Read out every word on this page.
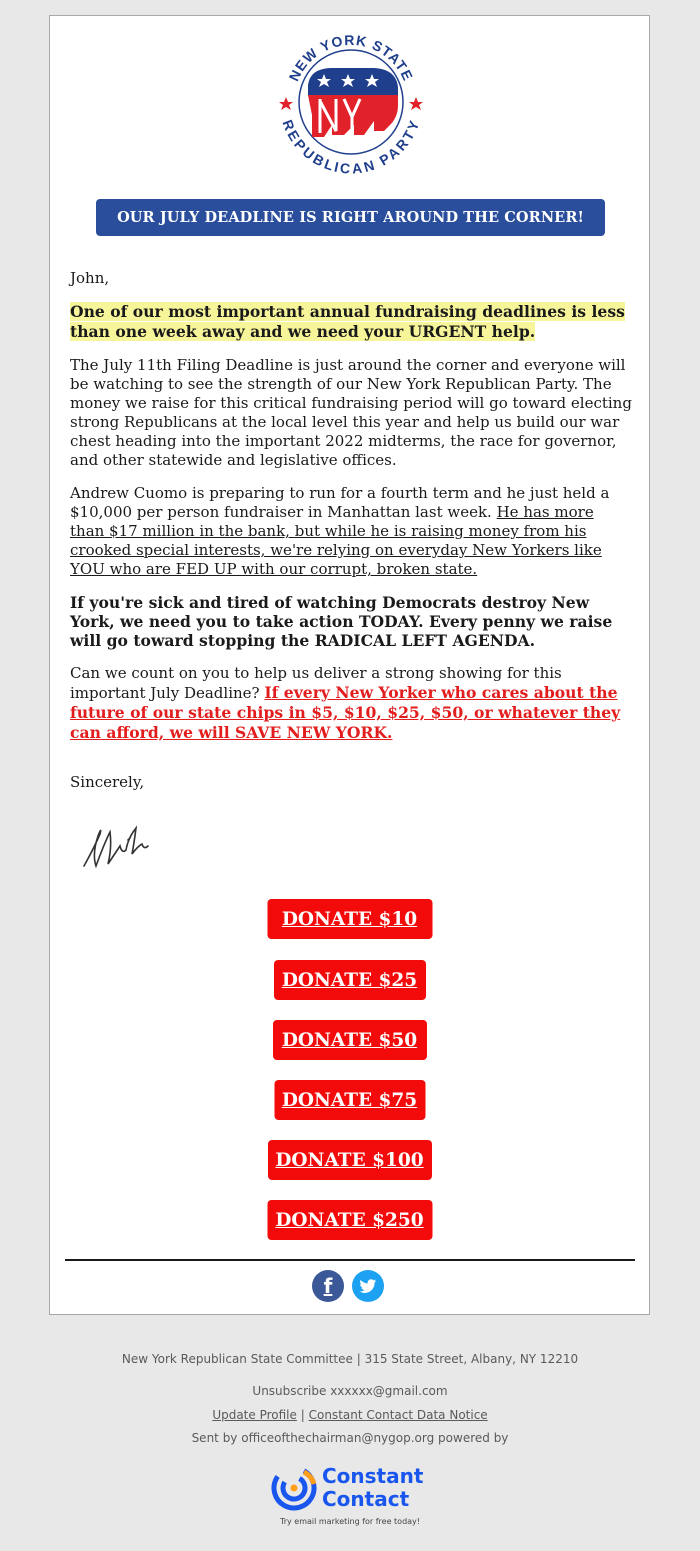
NEW YORK STATE
REPUBLICAN PARTY
OUR JULY DEADLINE IS RIGHT AROUND THE CORNER!

John,

One of our most important annual fundraising deadlines is less than one week away and we need your URGENT help.

The July 11th Filing Deadline is just around the corner and everyone will be watching to see the strength of our New York Republican Party. The money we raise for this critical fundraising period will go toward electing strong Republicans at the local level this year and help us build our war chest heading into the important 2022 midterms, the race for governor, and other statewide and legislative offices.

Andrew Cuomo is preparing to run for a fourth term and he just held a $10,000 per person fundraiser in Manhattan last week. He has more than $17 million in the bank, but while he is raising money from his crooked special interests, we're relying on everyday New Yorkers like YOU who are FED UP with our corrupt, broken state.

If you're sick and tired of watching Democrats destroy New York, we need you to take action TODAY. Every penny we raise will go toward stopping the RADICAL LEFT AGENDA.

Can we count on you to help us deliver a strong showing for this important July Deadline? If every New Yorker who cares about the future of our state chips in $5, $10, $25, $50, or whatever they can afford, we will SAVE NEW YORK.

Sincerely,

DONATE $10
DONATE $25
DONATE $50
DONATE $75
DONATE $100
DONATE $250
f
New York Republican State Committee | 315 State Street, Albany, NY 12210
Unsubscribe xxxxxx@gmail.com
Update Profile | Constant Contact Data Notice
Sent by officeofthechairman@nygop.org powered by
Constant
Contact
Try email marketing for free today!
